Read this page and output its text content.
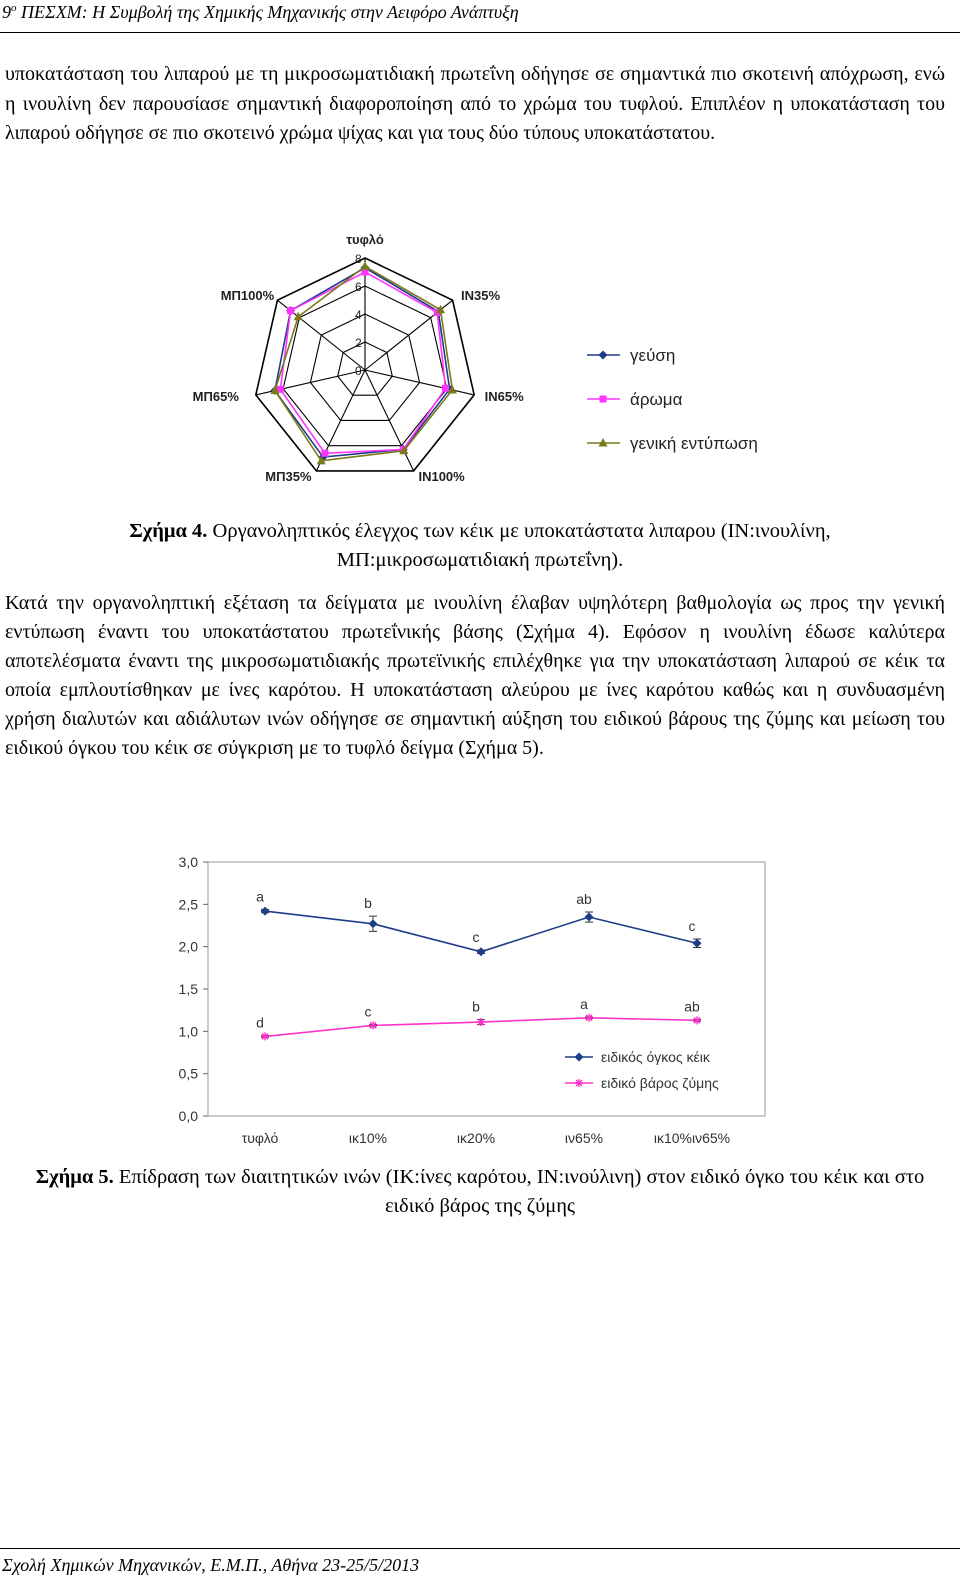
$9^o$ ΠΕΣΧΜ: Η Συμβολή της Χημικής Μηχανικής στην Αειφόρο Ανάπτυξη
υποκατάσταση του λιπαρού με τη μικροσωματιδιακή πρωτεΐνη οδήγησε σε σημαντικά πιο σκοτεινή απόχρωση, ενώ η ινουλίνη δεν παρουσίασε σημαντική διαφοροποίηση από το χρώμα του τυφλού. Επιπλέον η υποκατάσταση του λιπαρού οδήγησε σε πιο σκοτεινό χρώμα ψίχας και για τους δύο τύπους υποκατάστατου.
0
2
4
6
8
τυφλό
ΙΝ35%
ΙΝ65%
ΙΝ100%
ΜΠ35%
ΜΠ65%
ΜΠ100%
γεύση
άρωμα
γενική εντύπωση
Σχήμα 4. Οργανοληπτικός έλεγχος των κέικ με υποκατάστατα λιπαρου (ΙΝ:ινουλίνη, ΜΠ:μικροσωματιδιακή πρωτεΐνη).
Κατά την οργανοληπτική εξέταση τα δείγματα με ινουλίνη έλαβαν υψηλότερη βαθμολογία ως προς την γενική εντύπωση έναντι του υποκατάστατου πρωτεΐνικής βάσης (Σχήμα 4). Εφόσον η ινουλίνη έδωσε καλύτερα αποτελέσματα έναντι της μικροσωματιδιακής πρωτεϊνικής επιλέχθηκε για την υποκατάσταση λιπαρού σε κέικ τα οποία εμπλουτίσθηκαν με ίνες καρότου. Η υποκατάσταση αλεύρου με ίνες καρότου καθώς και η συνδυασμένη χρήση διαλυτών και αδιάλυτων ινών οδήγησε σε σημαντική αύξηση του ειδικού βάρους της ζύμης και μείωση του ειδικού όγκου του κέικ σε σύγκριση με το τυφλό δείγμα (Σχήμα 5).
3,0
2,5
2,0
1,5
1,0
0,5
0,0
τυφλό	ικ10%	ικ20%	ιν65%	ικ10%ιν65%
a	b
c
ab
c
d
c	b	a	ab
ειδικός όγκος κέικ
ειδικό βάρος ζύμης
Σχήμα 5. Επίδραση των διαιτητικών ινών (ΙΚ:ίνες καρότου, ΙΝ:ινούλινη) στον ειδικό όγκο του κέικ και στο ειδικό βάρος της ζύμης
Σχολή Χημικών Μηχανικών, Ε.Μ.Π., Αθήνα 23-25/5/2013
